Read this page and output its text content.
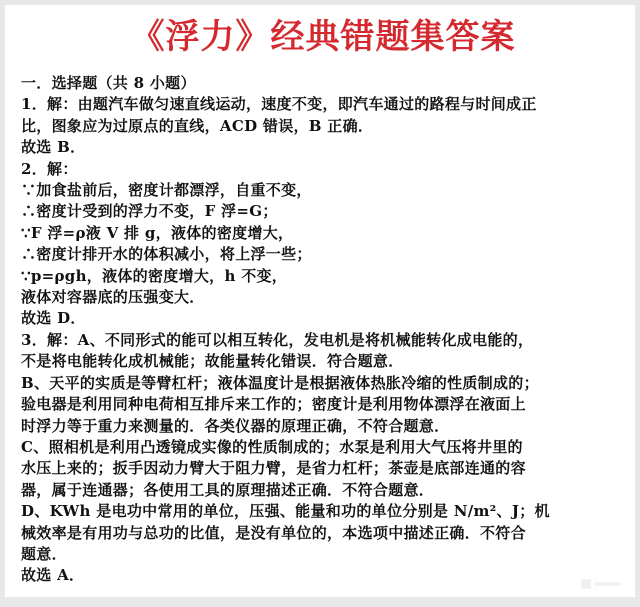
《浮力》经典错题集答案
一．选择题（共 8 小题）
1．解：由题汽车做匀速直线运动，速度不变，即汽车通过的路程与时间成正
比，图象应为过原点的直线，ACD 错误，B 正确．
故选 B．
2．解：
∵加食盐前后，密度计都漂浮，自重不变，
∴密度计受到的浮力不变，F 浮=G；
∵F 浮=ρ液 V 排 g，液体的密度增大，
∴密度计排开水的体积减小，将上浮一些；
∵p=ρgh，液体的密度增大，h 不变，
液体对容器底的压强变大．
故选 D．
3．解：A、不同形式的能可以相互转化，发电机是将机械能转化成电能的，
不是将电能转化成机械能；故能量转化错误．符合题意．
B、天平的实质是等臂杠杆；液体温度计是根据液体热胀冷缩的性质制成的；
验电器是利用同种电荷相互排斥来工作的；密度计是利用物体漂浮在液面上
时浮力等于重力来测量的．各类仪器的原理正确，不符合题意．
C、照相机是利用凸透镜成实像的性质制成的；水泵是利用大气压将井里的
水压上来的；扳手因动力臂大于阻力臂，是省力杠杆；茶壶是底部连通的容
器，属于连通器；各使用工具的原理描述正确．不符合题意．
D、KWh 是电功中常用的单位，压强、能量和功的单位分别是 N/m²、J；机
械效率是有用功与总功的比值，是没有单位的，本选项中描述正确．不符合
题意．
故选 A．
